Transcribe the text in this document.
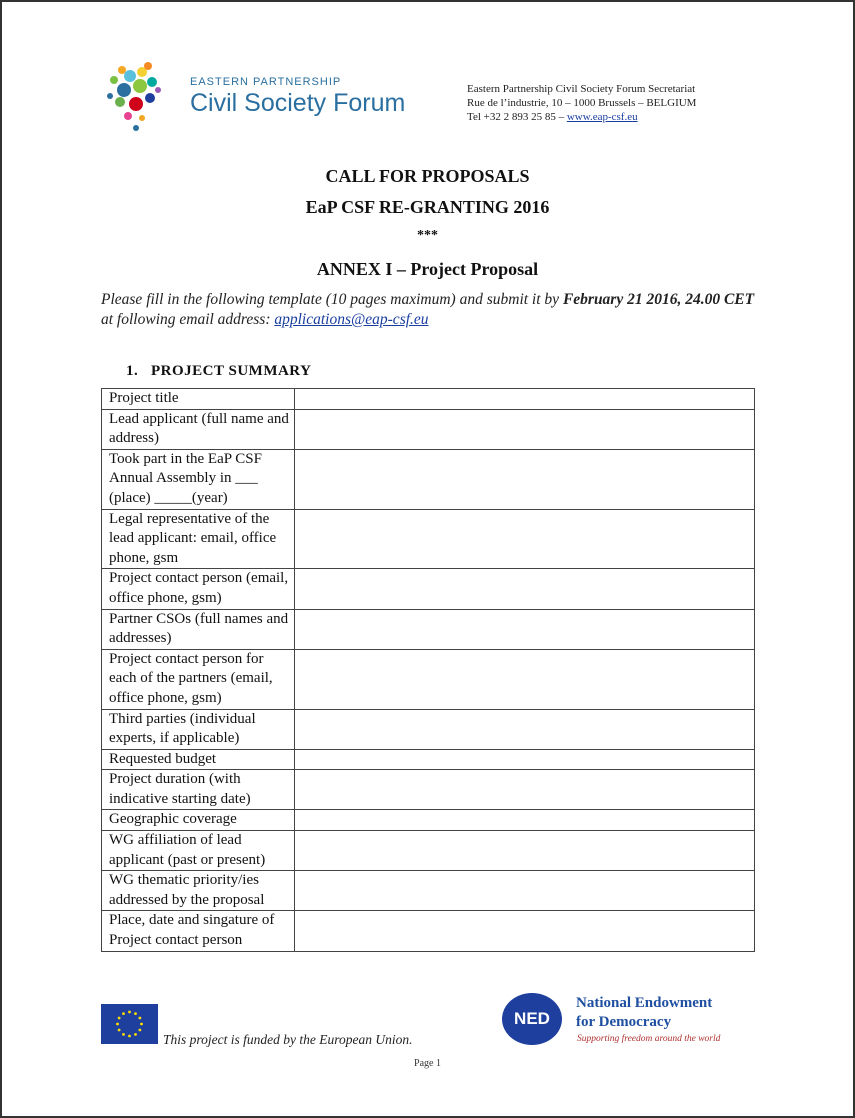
EASTERN PARTNERSHIP
Civil Society Forum	Eastern Partnership Civil Society Forum Secretariat
Rue de l’industrie, 10 – 1000 Brussels – BELGIUM
Tel +32 2 893 25 85 – www.eap-csf.eu
CALL FOR PROPOSALS
EaP CSF RE-GRANTING 2016
***
ANNEX I – Project Proposal
Please fill in the following template (10 pages maximum) and submit it by February 21 2016, 24.00 CET at following email address: applications@eap-csf.eu
1. PROJECT SUMMARY
Project title	
Lead applicant (full name and address)	
Took part in the EaP CSF Annual Assembly in ___ (place) _____(year)	
Legal representative of the lead applicant: email, office phone, gsm	
Project contact person (email, office phone, gsm)	
Partner CSOs (full names and addresses)	
Project contact person for each of the partners (email, office phone, gsm)	
Third parties (individual experts, if applicable)	
Requested budget	
Project duration (with indicative starting date)	
Geographic coverage	
WG affiliation of lead applicant (past or present)	
WG thematic priority/ies addressed by the proposal	
Place, date and singature of Project contact person	
This project is funded by the European Union.
NED
National Endowment
for Democracy
Supporting freedom around the world
Page 1
